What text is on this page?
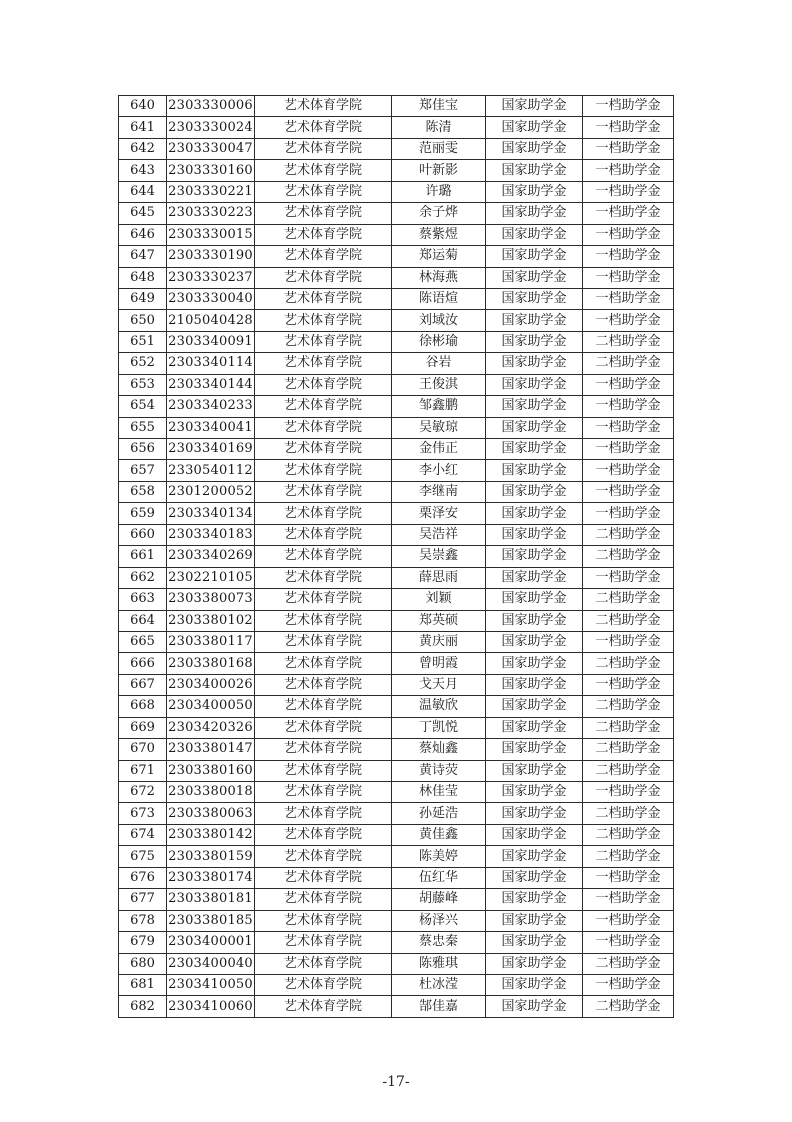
640	2303330006	艺术体育学院	郑佳宝	国家助学金	一档助学金
641	2303330024	艺术体育学院	陈清	国家助学金	一档助学金
642	2303330047	艺术体育学院	范丽雯	国家助学金	一档助学金
643	2303330160	艺术体育学院	叶新影	国家助学金	一档助学金
644	2303330221	艺术体育学院	许璐	国家助学金	一档助学金
645	2303330223	艺术体育学院	余子烨	国家助学金	一档助学金
646	2303330015	艺术体育学院	蔡紫煜	国家助学金	一档助学金
647	2303330190	艺术体育学院	郑运菊	国家助学金	一档助学金
648	2303330237	艺术体育学院	林海燕	国家助学金	一档助学金
649	2303330040	艺术体育学院	陈语煊	国家助学金	一档助学金
650	2105040428	艺术体育学院	刘域汝	国家助学金	一档助学金
651	2303340091	艺术体育学院	徐彬瑜	国家助学金	二档助学金
652	2303340114	艺术体育学院	谷岩	国家助学金	二档助学金
653	2303340144	艺术体育学院	王俊淇	国家助学金	一档助学金
654	2303340233	艺术体育学院	邹鑫鹏	国家助学金	一档助学金
655	2303340041	艺术体育学院	吴敏琼	国家助学金	一档助学金
656	2303340169	艺术体育学院	金伟正	国家助学金	一档助学金
657	2330540112	艺术体育学院	李小红	国家助学金	一档助学金
658	2301200052	艺术体育学院	李继南	国家助学金	一档助学金
659	2303340134	艺术体育学院	栗泽安	国家助学金	一档助学金
660	2303340183	艺术体育学院	吴浩祥	国家助学金	二档助学金
661	2303340269	艺术体育学院	吴崇鑫	国家助学金	二档助学金
662	2302210105	艺术体育学院	薛思雨	国家助学金	一档助学金
663	2303380073	艺术体育学院	刘颖	国家助学金	二档助学金
664	2303380102	艺术体育学院	郑英硕	国家助学金	二档助学金
665	2303380117	艺术体育学院	黄庆丽	国家助学金	一档助学金
666	2303380168	艺术体育学院	曾明霞	国家助学金	二档助学金
667	2303400026	艺术体育学院	戈天月	国家助学金	一档助学金
668	2303400050	艺术体育学院	温敏欣	国家助学金	二档助学金
669	2303420326	艺术体育学院	丁凯悦	国家助学金	二档助学金
670	2303380147	艺术体育学院	蔡灿鑫	国家助学金	二档助学金
671	2303380160	艺术体育学院	黄诗荧	国家助学金	二档助学金
672	2303380018	艺术体育学院	林佳莹	国家助学金	一档助学金
673	2303380063	艺术体育学院	孙延浩	国家助学金	二档助学金
674	2303380142	艺术体育学院	黄佳鑫	国家助学金	二档助学金
675	2303380159	艺术体育学院	陈美婷	国家助学金	二档助学金
676	2303380174	艺术体育学院	伍红华	国家助学金	一档助学金
677	2303380181	艺术体育学院	胡藤峰	国家助学金	一档助学金
678	2303380185	艺术体育学院	杨泽兴	国家助学金	一档助学金
679	2303400001	艺术体育学院	蔡忠秦	国家助学金	一档助学金
680	2303400040	艺术体育学院	陈雅琪	国家助学金	二档助学金
681	2303410050	艺术体育学院	杜冰滢	国家助学金	一档助学金
682	2303410060	艺术体育学院	郜佳嘉	国家助学金	二档助学金
-17-
